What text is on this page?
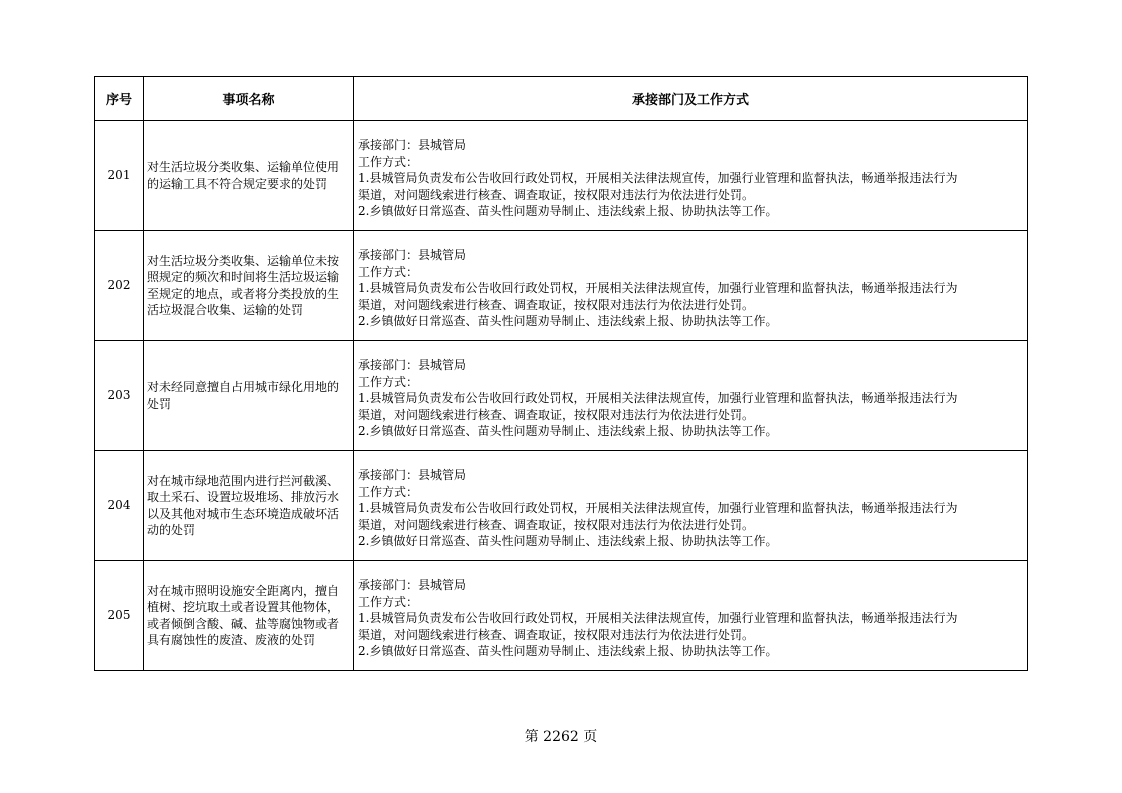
序号	事项名称	承接部门及工作方式
201	对生活垃圾分类收集、运输单位使用的运输工具不符合规定要求的处罚	承接部门：县城管局
工作方式：
1.县城管局负责发布公告收回行政处罚权，开展相关法律法规宣传，加强行业管理和监督执法，畅通举报违法行为
渠道，对问题线索进行核查、调查取证，按权限对违法行为依法进行处罚。
2.乡镇做好日常巡查、苗头性问题劝导制止、违法线索上报、协助执法等工作。

202	对生活垃圾分类收集、运输单位未按照规定的频次和时间将生活垃圾运输至规定的地点，或者将分类投放的生活垃圾混合收集、运输的处罚	承接部门：县城管局
工作方式：
1.县城管局负责发布公告收回行政处罚权，开展相关法律法规宣传，加强行业管理和监督执法，畅通举报违法行为
渠道，对问题线索进行核查、调查取证，按权限对违法行为依法进行处罚。
2.乡镇做好日常巡查、苗头性问题劝导制止、违法线索上报、协助执法等工作。

203	对未经同意擅自占用城市绿化用地的处罚	承接部门：县城管局
工作方式：
1.县城管局负责发布公告收回行政处罚权，开展相关法律法规宣传，加强行业管理和监督执法，畅通举报违法行为
渠道，对问题线索进行核查、调查取证，按权限对违法行为依法进行处罚。
2.乡镇做好日常巡查、苗头性问题劝导制止、违法线索上报、协助执法等工作。

204	对在城市绿地范围内进行拦河截溪、取土采石、设置垃圾堆场、排放污水以及其他对城市生态环境造成破坏活动的处罚	承接部门：县城管局
工作方式：
1.县城管局负责发布公告收回行政处罚权，开展相关法律法规宣传，加强行业管理和监督执法，畅通举报违法行为
渠道，对问题线索进行核查、调查取证，按权限对违法行为依法进行处罚。
2.乡镇做好日常巡查、苗头性问题劝导制止、违法线索上报、协助执法等工作。

205	对在城市照明设施安全距离内，擅自植树、挖坑取土或者设置其他物体，或者倾倒含酸、碱、盐等腐蚀物或者具有腐蚀性的废渣、废液的处罚	承接部门：县城管局
工作方式：
1.县城管局负责发布公告收回行政处罚权，开展相关法律法规宣传，加强行业管理和监督执法，畅通举报违法行为
渠道，对问题线索进行核查、调查取证，按权限对违法行为依法进行处罚。
2.乡镇做好日常巡查、苗头性问题劝导制止、违法线索上报、协助执法等工作。
第 2262 页
